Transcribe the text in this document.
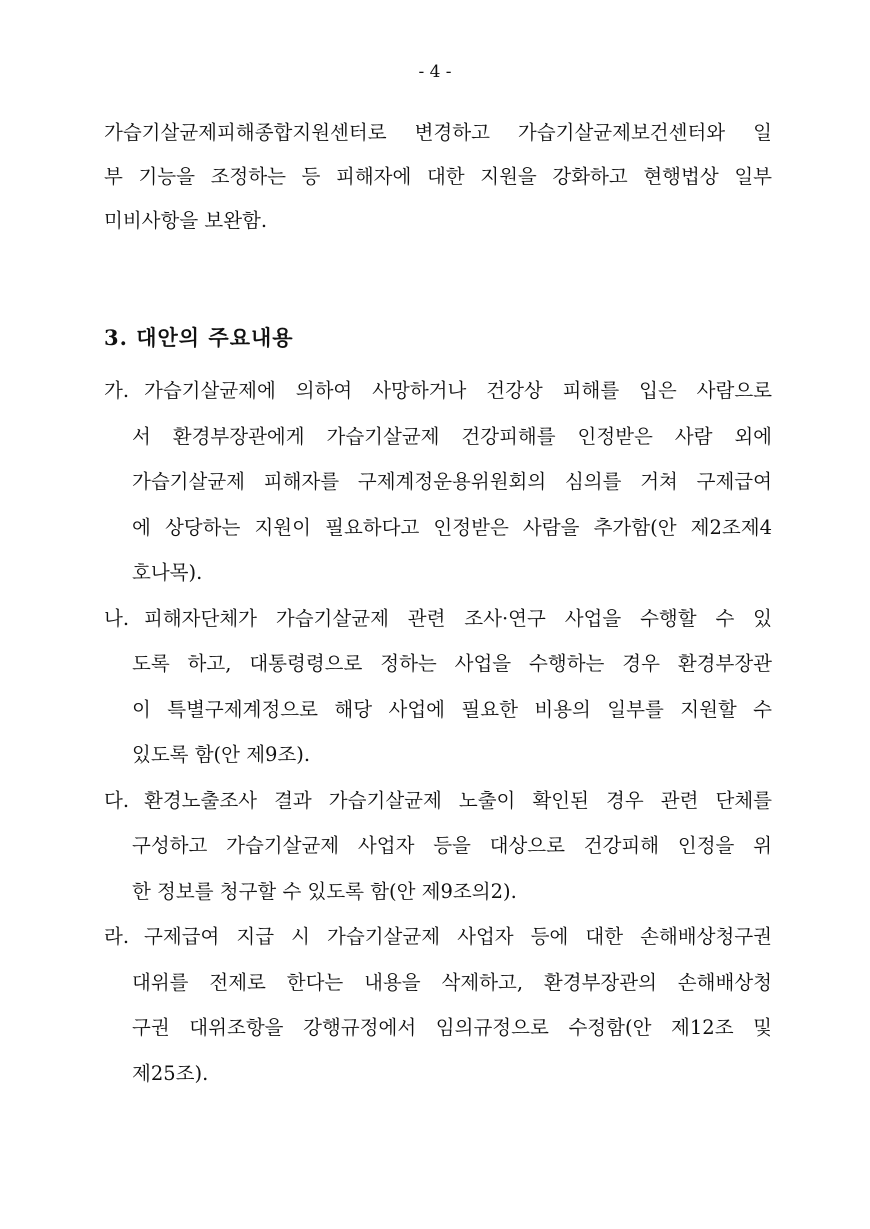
- 4 -

가습기살균제피해종합지원센터로 변경하고 가습기살균제보건센터와 일

부 기능을 조정하는 등 피해자에 대한 지원을 강화하고 현행법상 일부

미비사항을 보완함.

3. 대안의 주요내용
가. 가습기살균제에 의하여 사망하거나 건강상 피해를 입은 사람으로

서 환경부장관에게 가습기살균제 건강피해를 인정받은 사람 외에

가습기살균제 피해자를 구제계정운용위원회의 심의를 거쳐 구제급여

에 상당하는 지원이 필요하다고 인정받은 사람을 추가함(안 제2조제4

호나목).

나. 피해자단체가 가습기살균제 관련 조사·연구 사업을 수행할 수 있

도록 하고, 대통령령으로 정하는 사업을 수행하는 경우 환경부장관

이 특별구제계정으로 해당 사업에 필요한 비용의 일부를 지원할 수

있도록 함(안 제9조).

다. 환경노출조사 결과 가습기살균제 노출이 확인된 경우 관련 단체를

구성하고 가습기살균제 사업자 등을 대상으로 건강피해 인정을 위

한 정보를 청구할 수 있도록 함(안 제9조의2).

라. 구제급여 지급 시 가습기살균제 사업자 등에 대한 손해배상청구권

대위를 전제로 한다는 내용을 삭제하고, 환경부장관의 손해배상청

구권 대위조항을 강행규정에서 임의규정으로 수정함(안 제12조 및

제25조).
